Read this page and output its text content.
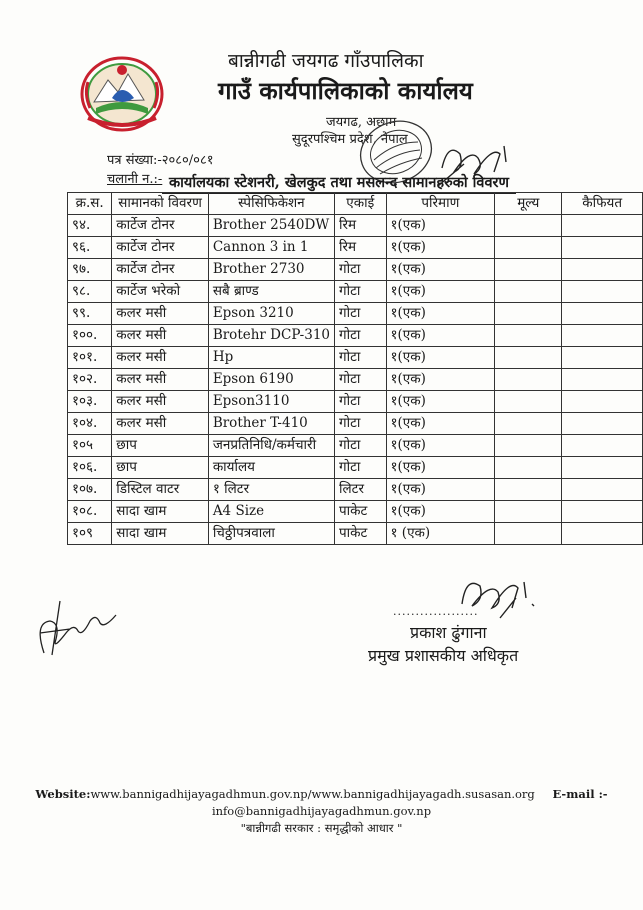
बान्नीगढी जयगढ गाँउपालिका
गाउँ कार्यपालिकाको कार्यालय
जयगढ, अछाम
सुदूरपश्चिम प्रदेश, नेपाल
पत्र संख्या:-२०८०/०८१
चलानी न.:- कार्यालयका स्टेशनरी, खेलकुद तथा मसलन्द सामानहरुको विवरण
क्र.स.	सामानको विवरण	स्पेसिफिकेशन	एकाई	परिमाण	मूल्य	कैफियत
९४.	कार्टेज टोनर	Brother 2540DW	रिम	१(एक)		
९६.	कार्टेज टोनर	Cannon 3 in 1	रिम	१(एक)		
९७.	कार्टेज टोनर	Brother 2730	गोटा	१(एक)		
९८.	कार्टेज भरेको	सबै ब्राण्ड	गोटा	१(एक)		
९९.	कलर मसी	Epson 3210	गोटा	१(एक)		
१००.	कलर मसी	Brotehr DCP-310	गोटा	१(एक)		
१०१.	कलर मसी	Hp	गोटा	१(एक)		
१०२.	कलर मसी	Epson 6190	गोटा	१(एक)		
१०३.	कलर मसी	Epson3110	गोटा	१(एक)		
१०४.	कलर मसी	Brother T-410	गोटा	१(एक)		
१०५	छाप	जनप्रतिनिधि/कर्मचारी	गोटा	१(एक)		
१०६.	छाप	कार्यालय	गोटा	१(एक)		
१०७.	डिस्टिल वाटर	१ लिटर	लिटर	१(एक)		
१०८.	सादा खाम	A4 Size	पाकेट	१(एक)		
१०९	सादा खाम	चिठ्ठीपत्रवाला	पाकेट	१ (एक)		
...................
प्रकाश ढुंगाना
प्रमुख प्रशासकीय अधिकृत
Website:www.bannigadhijayagadhmun.gov.np/www.bannigadhijayagadh.susasan.org E-mail :-
info@bannigadhijayagadhmun.gov.np
"बान्नीगढी सरकार : समृद्धीको आधार "
